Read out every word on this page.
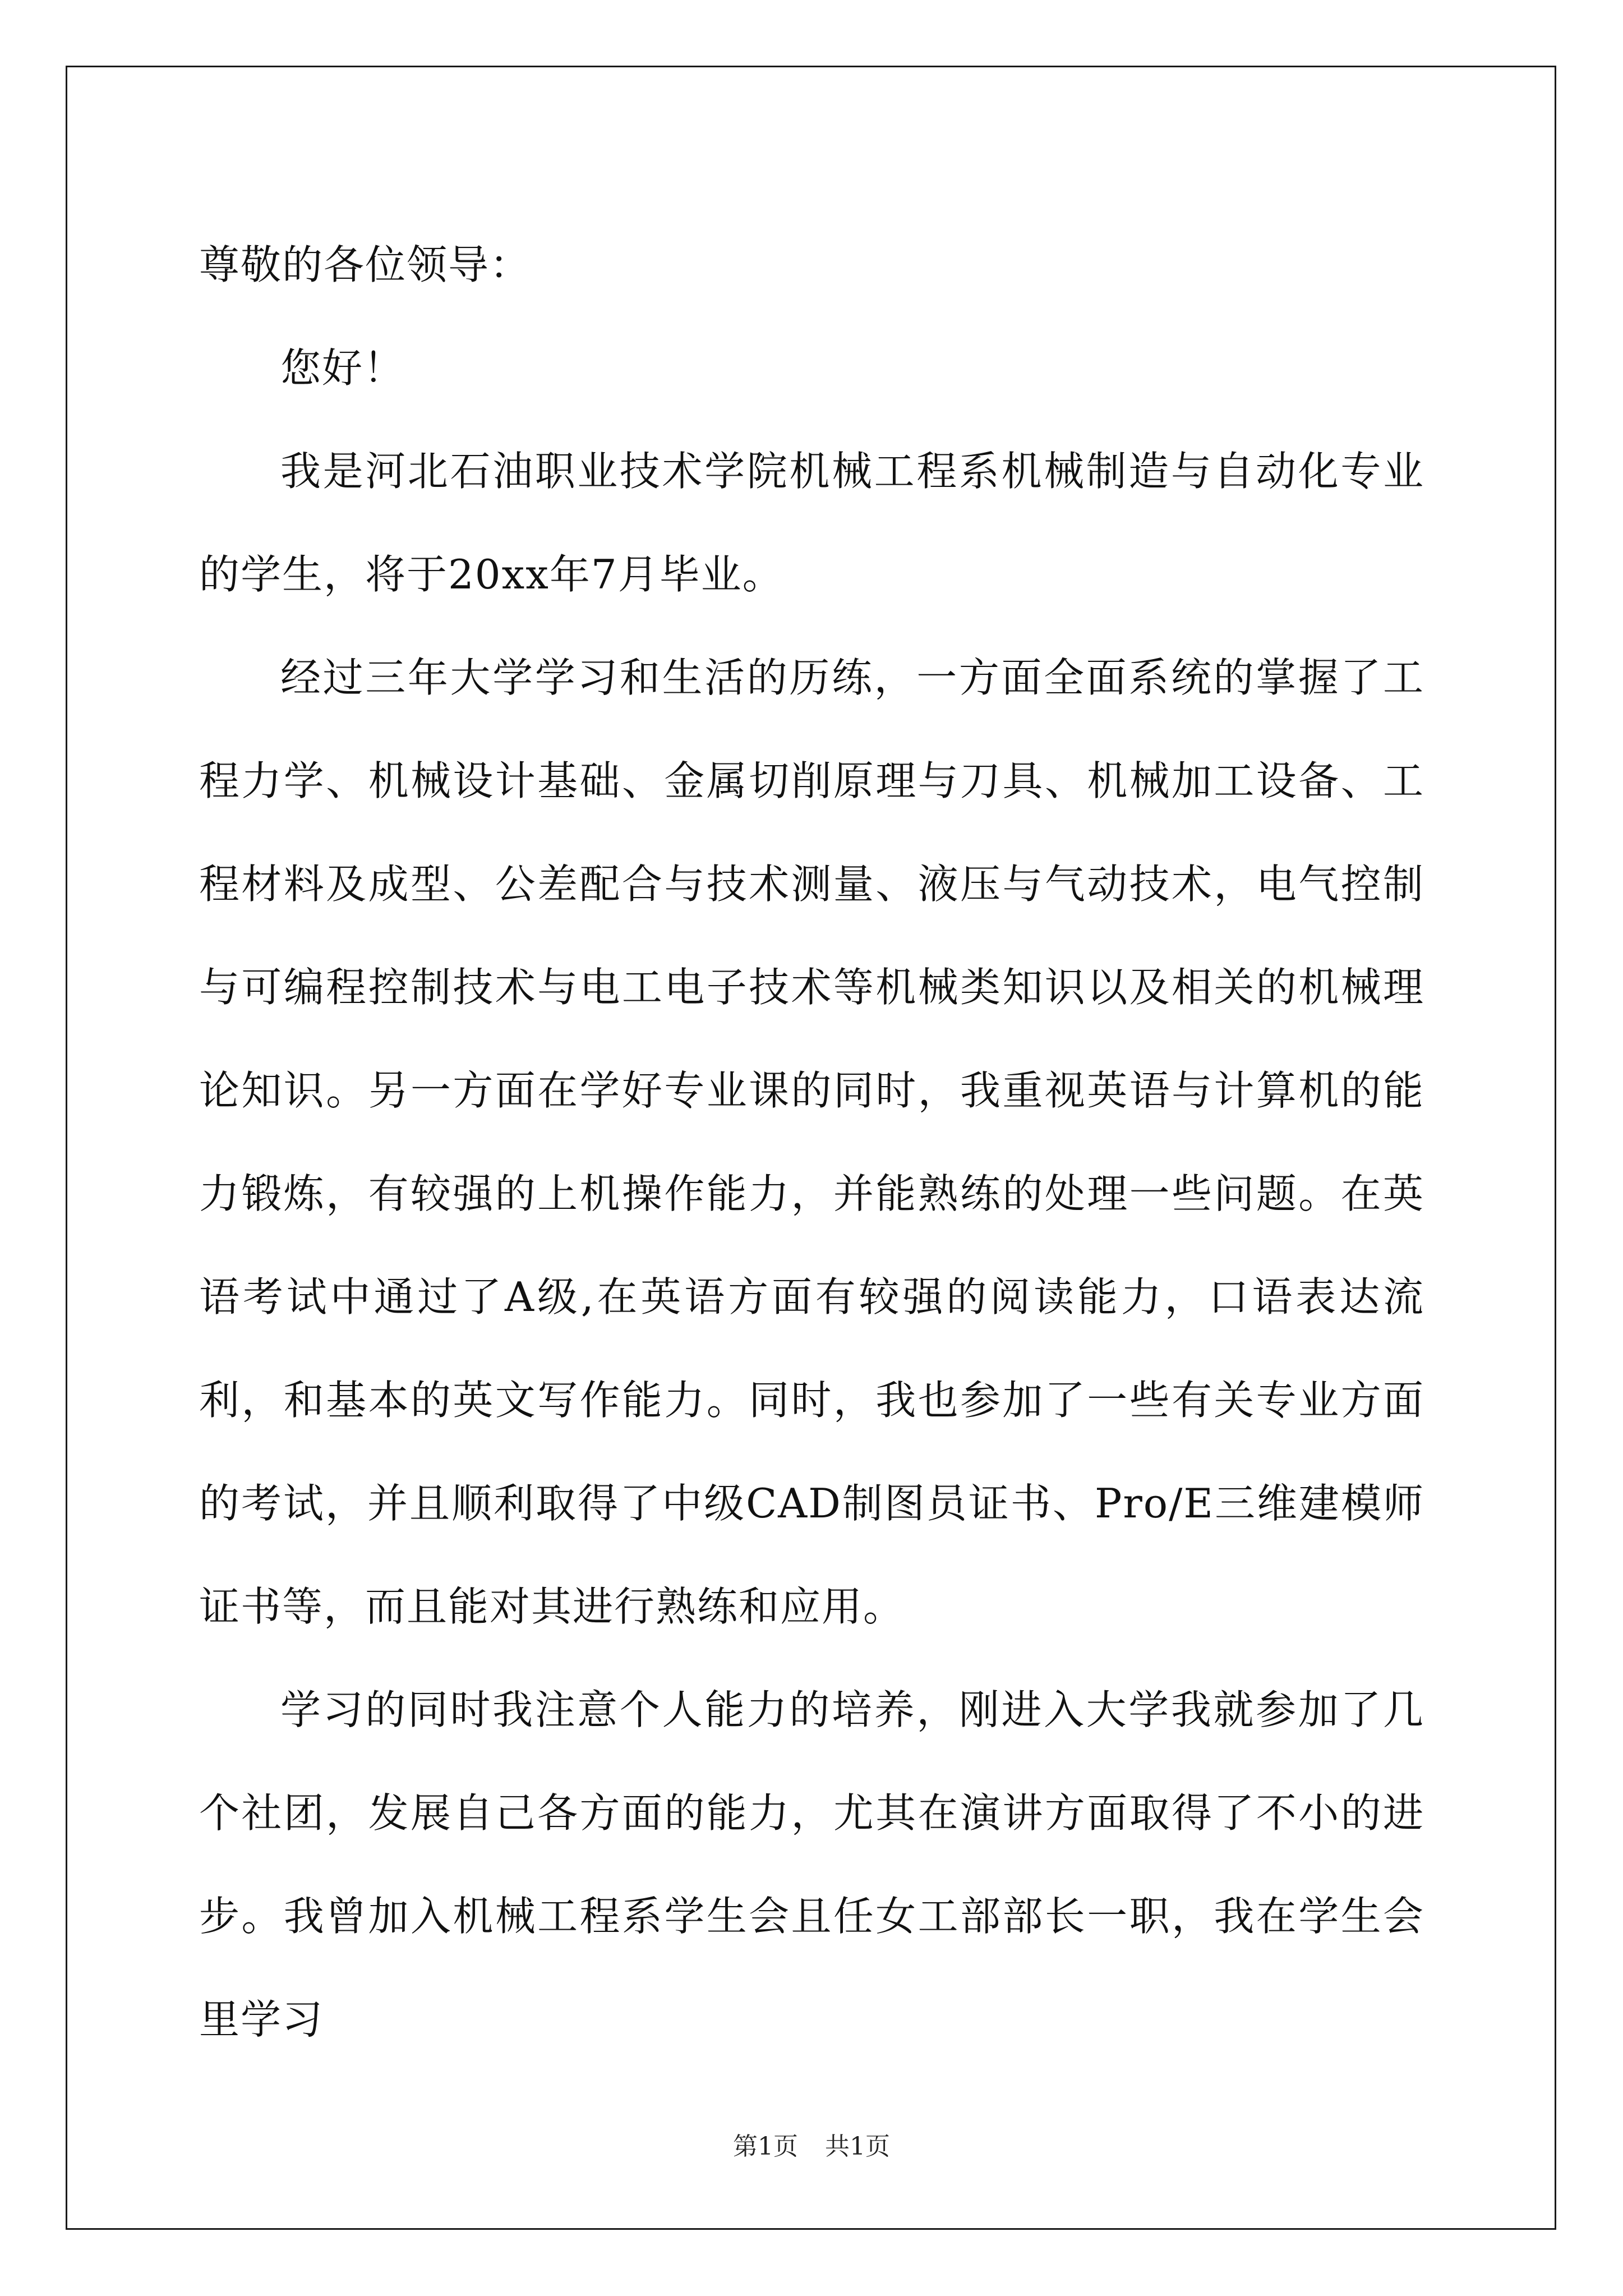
尊敬的各位领导：

您好！

我是河北石油职业技术学院机械工程系机械制造与自动化专业的学生，将于20xx年7月毕业。

经过三年大学学习和生活的历练，一方面全面系统的掌握了工程力学、机械设计基础、金属切削原理与刀具、机械加工设备、工程材料及成型、公差配合与技术测量、液压与气动技术，电气控制与可编程控制技术与电工电子技术等机械类知识以及相关的机械理论知识。另一方面在学好专业课的同时，我重视英语与计算机的能力锻炼，有较强的上机操作能力，并能熟练的处理一些问题。在英语考试中通过了A级,在英语方面有较强的阅读能力，口语表达流利，和基本的英文写作能力。同时，我也参加了一些有关专业方面的考试，并且顺利取得了中级CAD制图员证书、Pro/E三维建模师证书等，而且能对其进行熟练和应用。

学习的同时我注意个人能力的培养，刚进入大学我就参加了几个社团，发展自己各方面的能力，尤其在演讲方面取得了不小的进步。我曾加入机械工程系学生会且任女工部部长一职，我在学生会里学习

第1页 共1页
